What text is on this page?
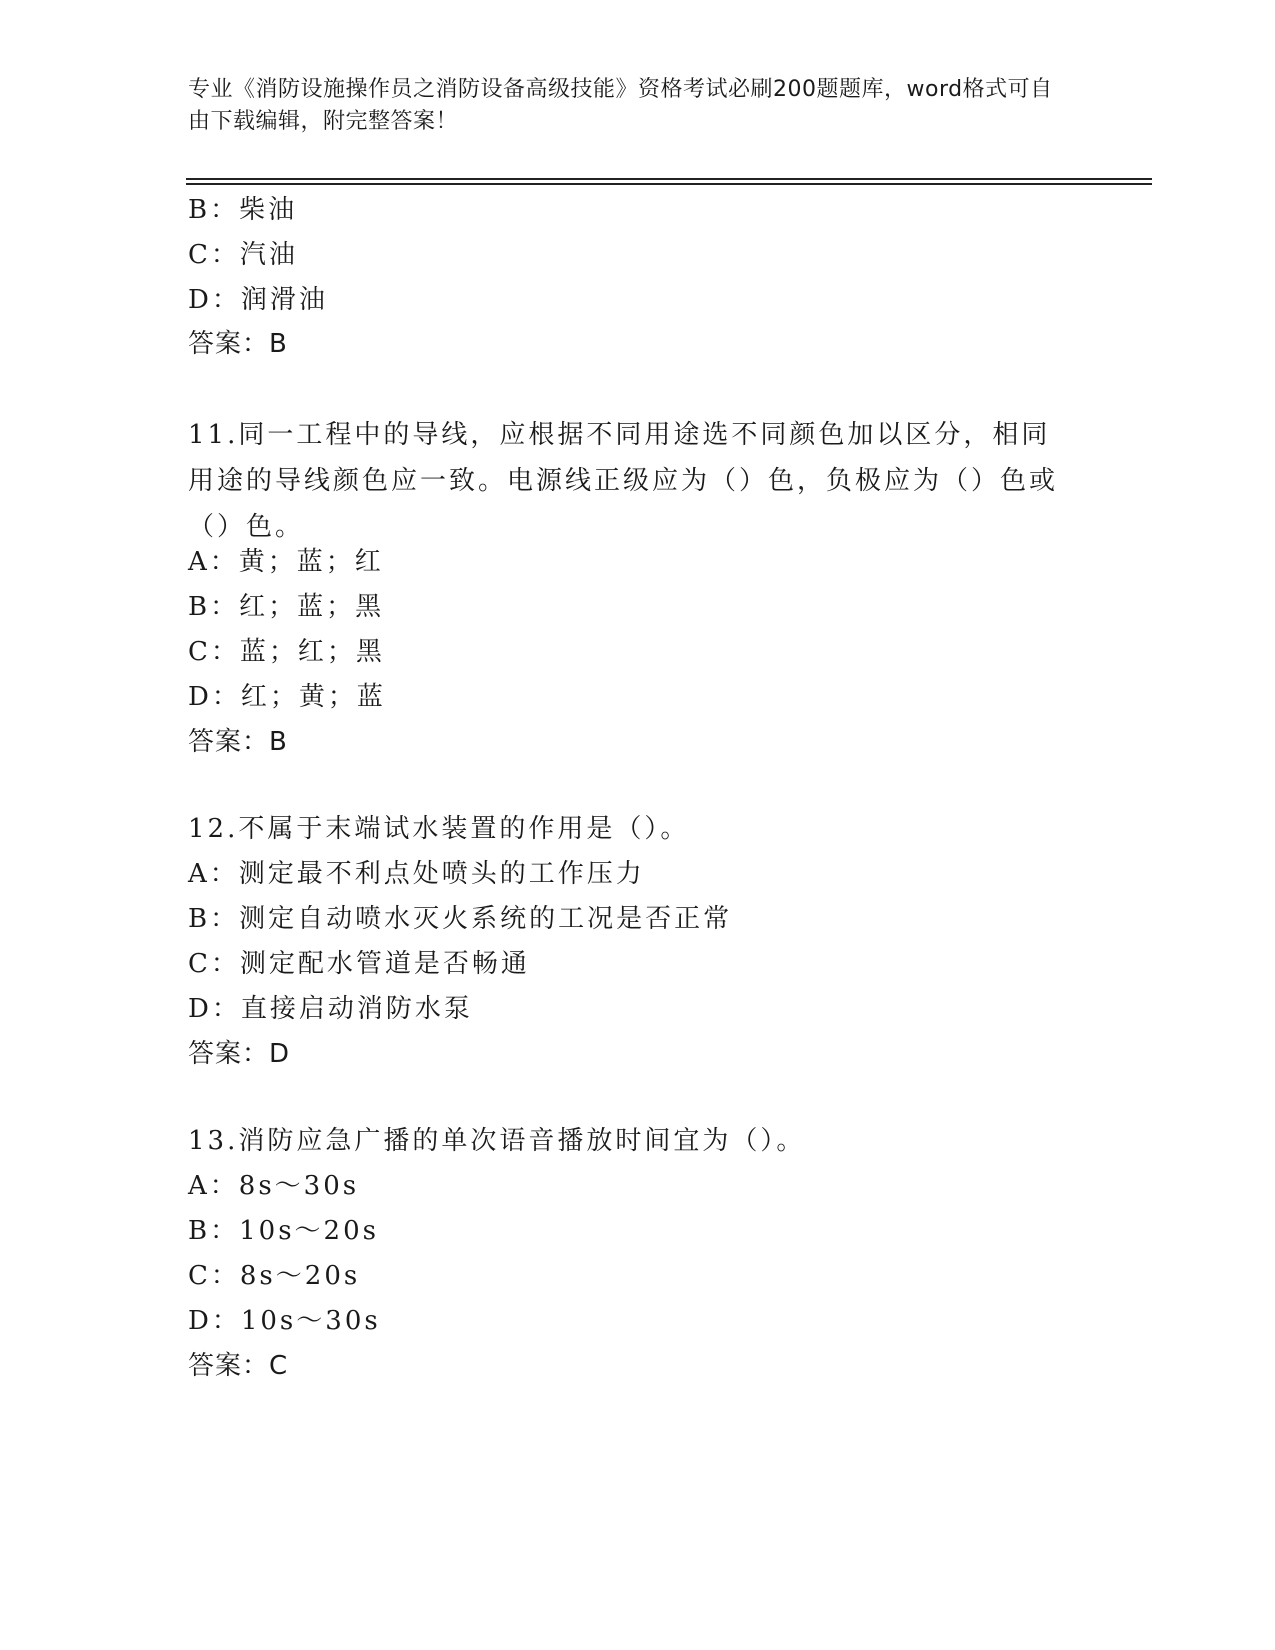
专业《消防设施操作员之消防设备高级技能》资格考试必刷200题题库，word格式可自由下载编辑，附完整答案！
B：柴油
C：汽油
D：润滑油
答案：B
11.同一工程中的导线，应根据不同用途选不同颜色加以区分，相同用途的导线颜色应一致。电源线正级应为（）色，负极应为（）色或（）色。
A：黄；蓝；红
B：红；蓝；黑
C：蓝；红；黑
D：红；黄；蓝
答案：B
12.不属于末端试水装置的作用是（）。
A：测定最不利点处喷头的工作压力
B：测定自动喷水灭火系统的工况是否正常
C：测定配水管道是否畅通
D：直接启动消防水泵
答案：D
13.消防应急广播的单次语音播放时间宜为（）。
A：8s～30s
B：10s～20s
C：8s～20s
D：10s～30s
答案：C
